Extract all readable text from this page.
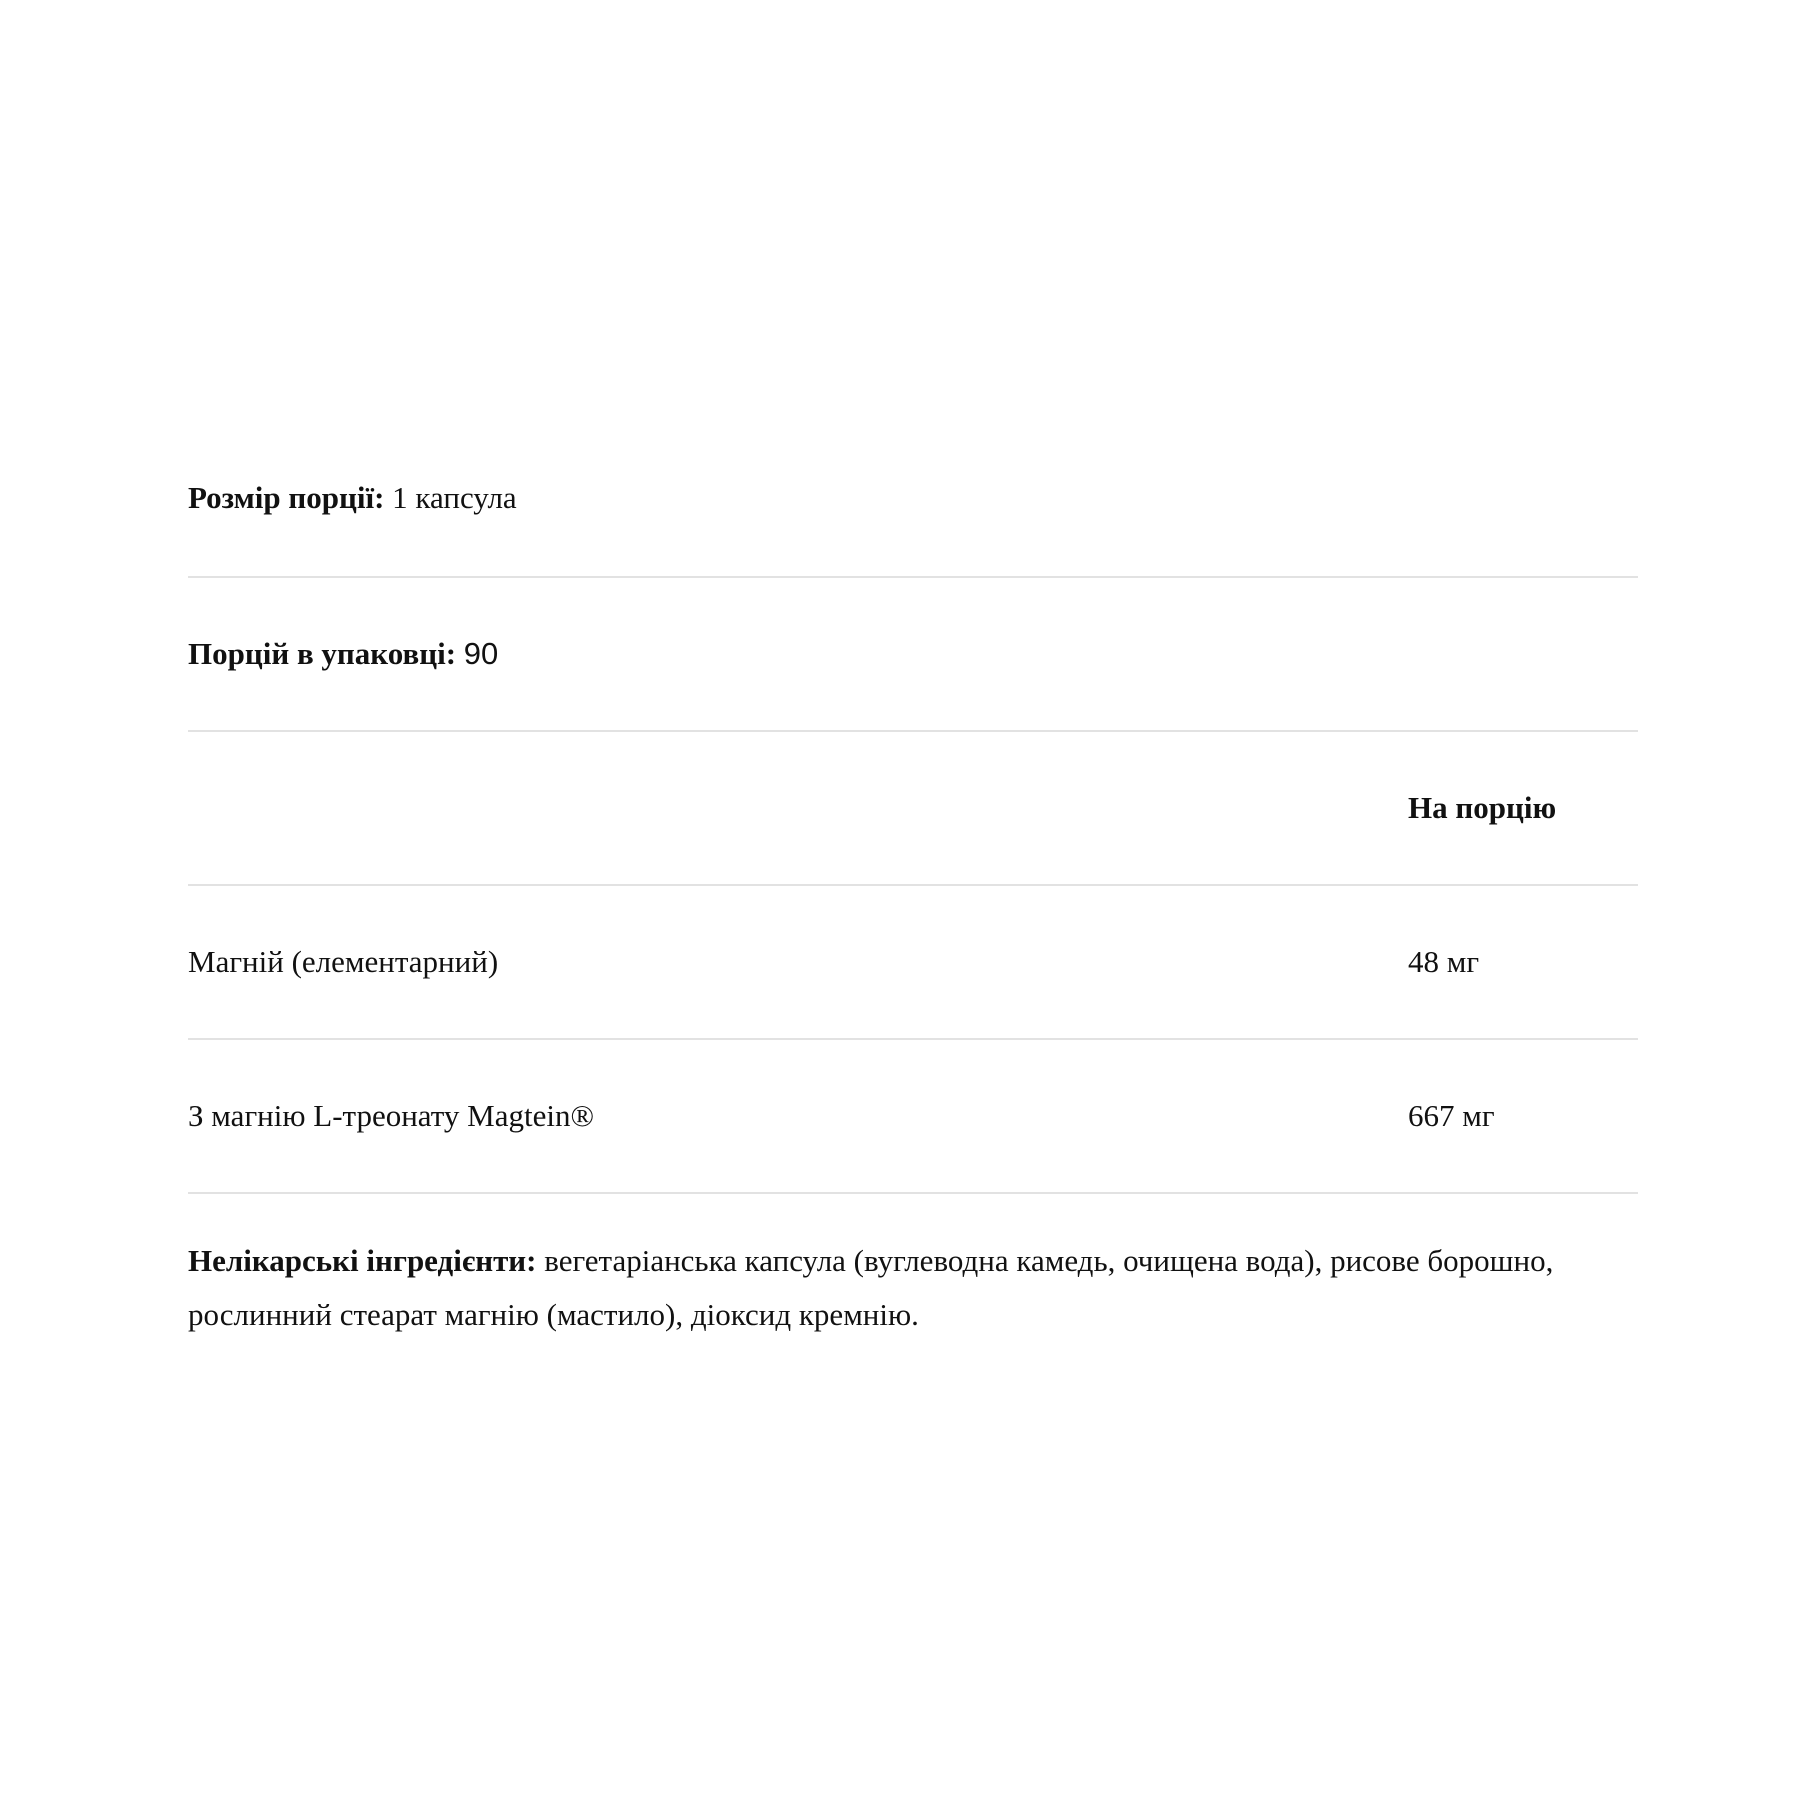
Розмір порції: 1 капсула
Порцій в упаковці: 90
На порцію
Магній (елементарний)	48 мг
З магнію L-треонату Magtein®	667 мг
Нелікарські інгредієнти: вегетаріанська капсула (вуглеводна камедь, очищена вода), рисове борошно, рослинний стеарат магнію (мастило), діоксид кремнію.
